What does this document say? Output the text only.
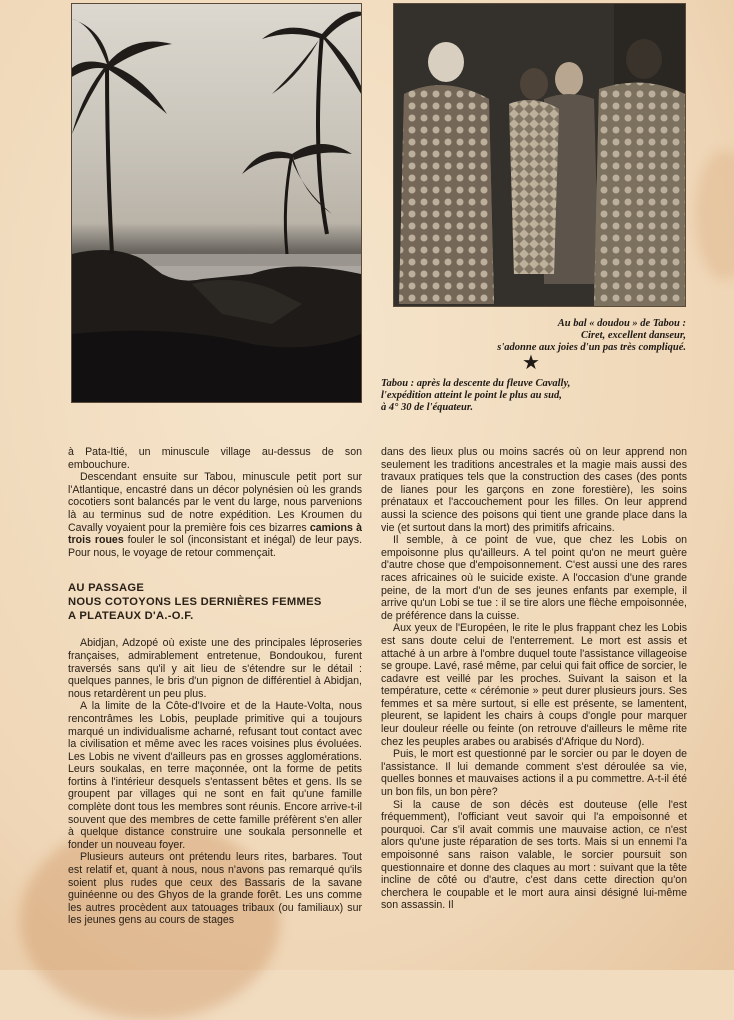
Au bal « doudou » de Tabou :
Ciret, excellent danseur,
s'adonne aux joies d'un pas très compliqué.
★
Tabou : après la descente du fleuve Cavally,
l'expédition atteint le point le plus au sud,
à 4° 30 de l'équateur.

à Pata-Itié, un minuscule village au-dessus de son embouchure.

Descendant ensuite sur Tabou, minuscule petit port sur l'Atlantique, encastré dans un décor polynésien où les grands cocotiers sont balancés par le vent du large, nous parvenions là au terminus sud de notre expédition. Les Kroumen du Cavally voyaient pour la première fois ces bizarres camions à trois roues fouler le sol (inconsistant et inégal) de leur pays. Pour nous, le voyage de retour commençait.

AU PASSAGE
NOUS COTOYONS LES DERNIÈRES FEMMES
A PLATEAUX D'A.-O.F.

Abidjan, Adzopé où existe une des principales léproseries françaises, admirablement entretenue, Bondoukou, furent traversés sans qu'il y ait lieu de s'étendre sur le détail : quelques pannes, le bris d'un pignon de différentiel à Abidjan, nous retardèrent un peu plus.

A la limite de la Côte-d'Ivoire et de la Haute-Volta, nous rencontrâmes les Lobis, peuplade primitive qui a toujours marqué un individualisme acharné, refusant tout contact avec la civilisation et même avec les races voisines plus évoluées. Les Lobis ne vivent d'ailleurs pas en grosses agglomérations. Leurs soukalas, en terre maçonnée, ont la forme de petits fortins à l'intérieur desquels s'entassent bêtes et gens. Ils se groupent par villages qui ne sont en fait qu'une famille complète dont tous les membres sont réunis. Encore arrive-t-il souvent que des membres de cette famille préfèrent s'en aller à quelque distance construire une soukala personnelle et fonder un nouveau foyer.

Plusieurs auteurs ont prétendu leurs rites, barbares. Tout est relatif et, quant à nous, nous n'avons pas remarqué qu'ils soient plus rudes que ceux des Bassaris de la savane guinéenne ou des Ghyos de la grande forêt. Les uns comme les autres procèdent aux tatouages tribaux (ou familiaux) sur les jeunes gens au cours de stages

dans des lieux plus ou moins sacrés où on leur apprend non seulement les traditions ancestrales et la magie mais aussi des travaux pratiques tels que la construction des cases (des ponts de lianes pour les garçons en zone forestière), les soins prénataux et l'accouchement pour les filles. On leur apprend aussi la science des poisons qui tient une grande place dans la vie (et surtout dans la mort) des primitifs africains.

Il semble, à ce point de vue, que chez les Lobis on empoisonne plus qu'ailleurs. A tel point qu'on ne meurt guère d'autre chose que d'empoisonnement. C'est aussi une des rares races africaines où le suicide existe. A l'occasion d'une grande peine, de la mort d'un de ses jeunes enfants par exemple, il arrive qu'un Lobi se tue : il se tire alors une flèche empoisonnée, de préférence dans la cuisse.

Aux yeux de l'Européen, le rite le plus frappant chez les Lobis est sans doute celui de l'enterrement. Le mort est assis et attaché à un arbre à l'ombre duquel toute l'assistance villageoise se groupe. Lavé, rasé même, par celui qui fait office de sorcier, le cadavre est veillé par les proches. Suivant la saison et la température, cette « cérémonie » peut durer plusieurs jours. Ses femmes et sa mère surtout, si elle est présente, se lamentent, pleurent, se lapident les chairs à coups d'ongle pour marquer leur douleur réelle ou feinte (on retrouve d'ailleurs le même rite chez les peuples arabes ou arabisés d'Afrique du Nord).

Puis, le mort est questionné par le sorcier ou par le doyen de l'assistance. Il lui demande comment s'est déroulée sa vie, quelles bonnes et mauvaises actions il a pu commettre. A-t-il été un bon fils, un bon père?

Si la cause de son décès est douteuse (elle l'est fréquemment), l'officiant veut savoir qui l'a empoisonné et pourquoi. Car s'il avait commis une mauvaise action, ce n'est alors qu'une juste réparation de ses torts. Mais si un ennemi l'a empoisonné sans raison valable, le sorcier poursuit son questionnaire et donne des claques au mort : suivant que la tête incline de côté ou d'autre, c'est dans cette direction qu'on cherchera le coupable et le mort aura ainsi désigné lui-même son assassin. Il
